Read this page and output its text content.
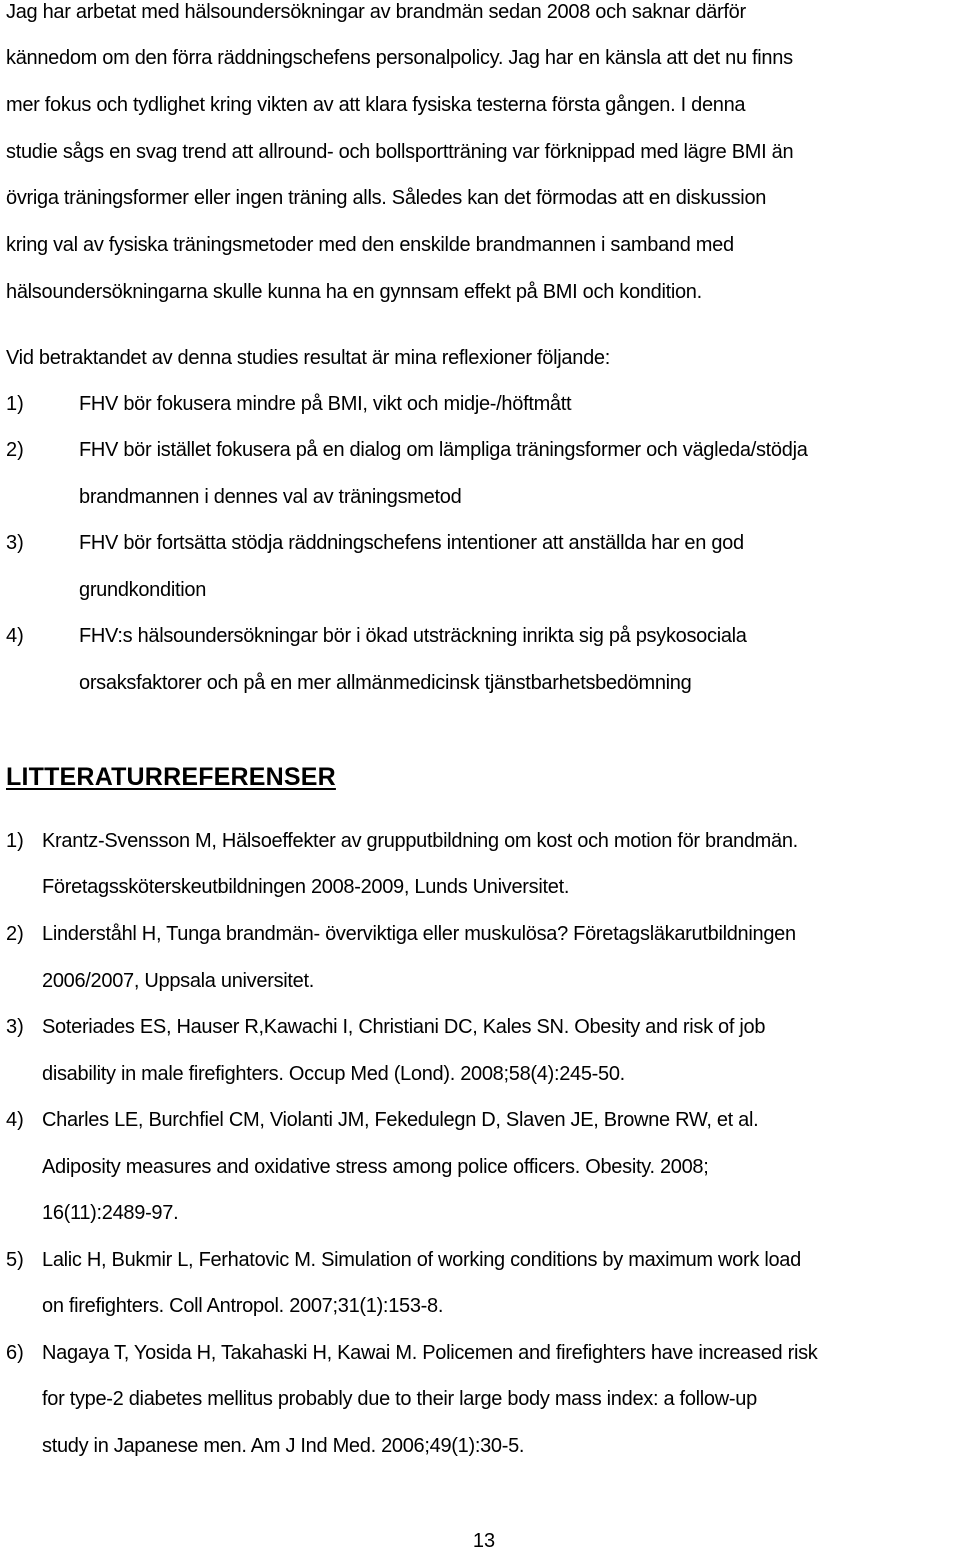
Jag har arbetat med hälsoundersökningar av brandmän sedan 2008 och saknar därför
kännedom om den förra räddningschefens personalpolicy. Jag har en känsla att det nu finns
mer fokus och tydlighet kring vikten av att klara fysiska testerna första gången. I denna
studie sågs en svag trend att allround- och bollsportträning var förknippad med lägre BMI än
övriga träningsformer eller ingen träning alls. Således kan det förmodas att en diskussion
kring val av fysiska träningsmetoder med den enskilde brandmannen i samband med
hälsoundersökningarna skulle kunna ha en gynnsam effekt på BMI och kondition.
Vid betraktandet av denna studies resultat är mina reflexioner följande:
1)	FHV bör fokusera mindre på BMI, vikt och midje-/höftmått
2)	FHV bör istället fokusera på en dialog om lämpliga träningsformer och vägleda/stödja
brandmannen i dennes val av träningsmetod
3)	FHV bör fortsätta stödja räddningschefens intentioner att anställda har en god
grundkondition
4)	FHV:s hälsoundersökningar bör i ökad utsträckning inrikta sig på psykosociala
orsaksfaktorer och på en mer allmänmedicinsk tjänstbarhetsbedömning
LITTERATURREFERENSER
1) Krantz-Svensson M, Hälsoeffekter av grupputbildning om kost och motion för brandmän.
Företagssköterskeutbildningen 2008-2009, Lunds Universitet.
2) Linderståhl H, Tunga brandmän- överviktiga eller muskulösa? Företagsläkarutbildningen
2006/2007, Uppsala universitet.
3) Soteriades ES, Hauser R,Kawachi I, Christiani DC, Kales SN. Obesity and risk of job
disability in male firefighters. Occup Med (Lond). 2008;58(4):245-50.
4) Charles LE, Burchfiel CM, Violanti JM, Fekedulegn D, Slaven JE, Browne RW, et al.
Adiposity measures and oxidative stress among police officers. Obesity. 2008;
16(11):2489-97.
5) Lalic H, Bukmir L, Ferhatovic M. Simulation of working conditions by maximum work load
on firefighters. Coll Antropol. 2007;31(1):153-8.
6) Nagaya T, Yosida H, Takahaski H, Kawai M. Policemen and firefighters have increased risk
for type-2 diabetes mellitus probably due to their large body mass index: a follow-up
study in Japanese men. Am J Ind Med. 2006;49(1):30-5.
13
